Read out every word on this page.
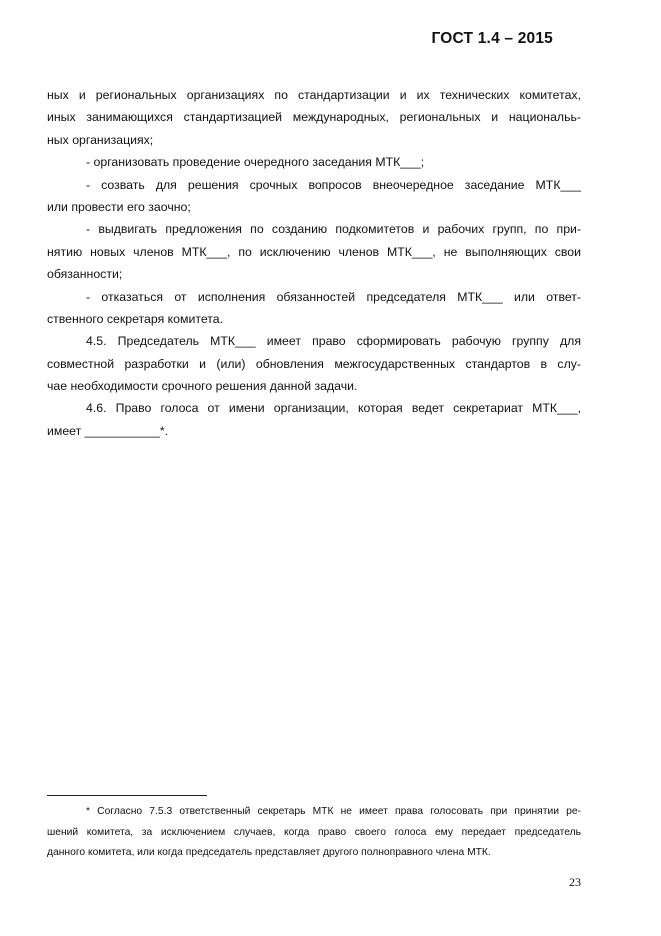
ГОСТ 1.4 – 2015
ных и региональных организациях по стандартизации и их технических комитетах,
иных занимающихся стандартизацией международных, региональных и национальь-
ных организациях;
- организовать проведение очередного заседания МТК___;
- созвать для решения срочных вопросов внеочередное заседание МТК___
или провести его заочно;
- выдвигать предложения по созданию подкомитетов и рабочих групп, по при-
нятию новых членов МТК___, по исключению членов МТК___, не выполняющих свои
обязанности;
- отказаться от исполнения обязанностей председателя МТК___ или ответ-
ственного секретаря комитета.
4.5. Председатель МТК___ имеет право сформировать рабочую группу для
совместной разработки и (или) обновления межгосударственных стандартов в слу-
чае необходимости срочного решения данной задачи.
4.6. Право голоса от имени организации, которая ведет секретариат МТК___,
имеет ___________*.
* Согласно 7.5.3 ответственный секретарь МТК не имеет права голосовать при принятии ре-
шений комитета, за исключением случаев, когда право своего голоса ему передает председатель
данного комитета, или когда председатель представляет другого полноправного члена МТК.
23
